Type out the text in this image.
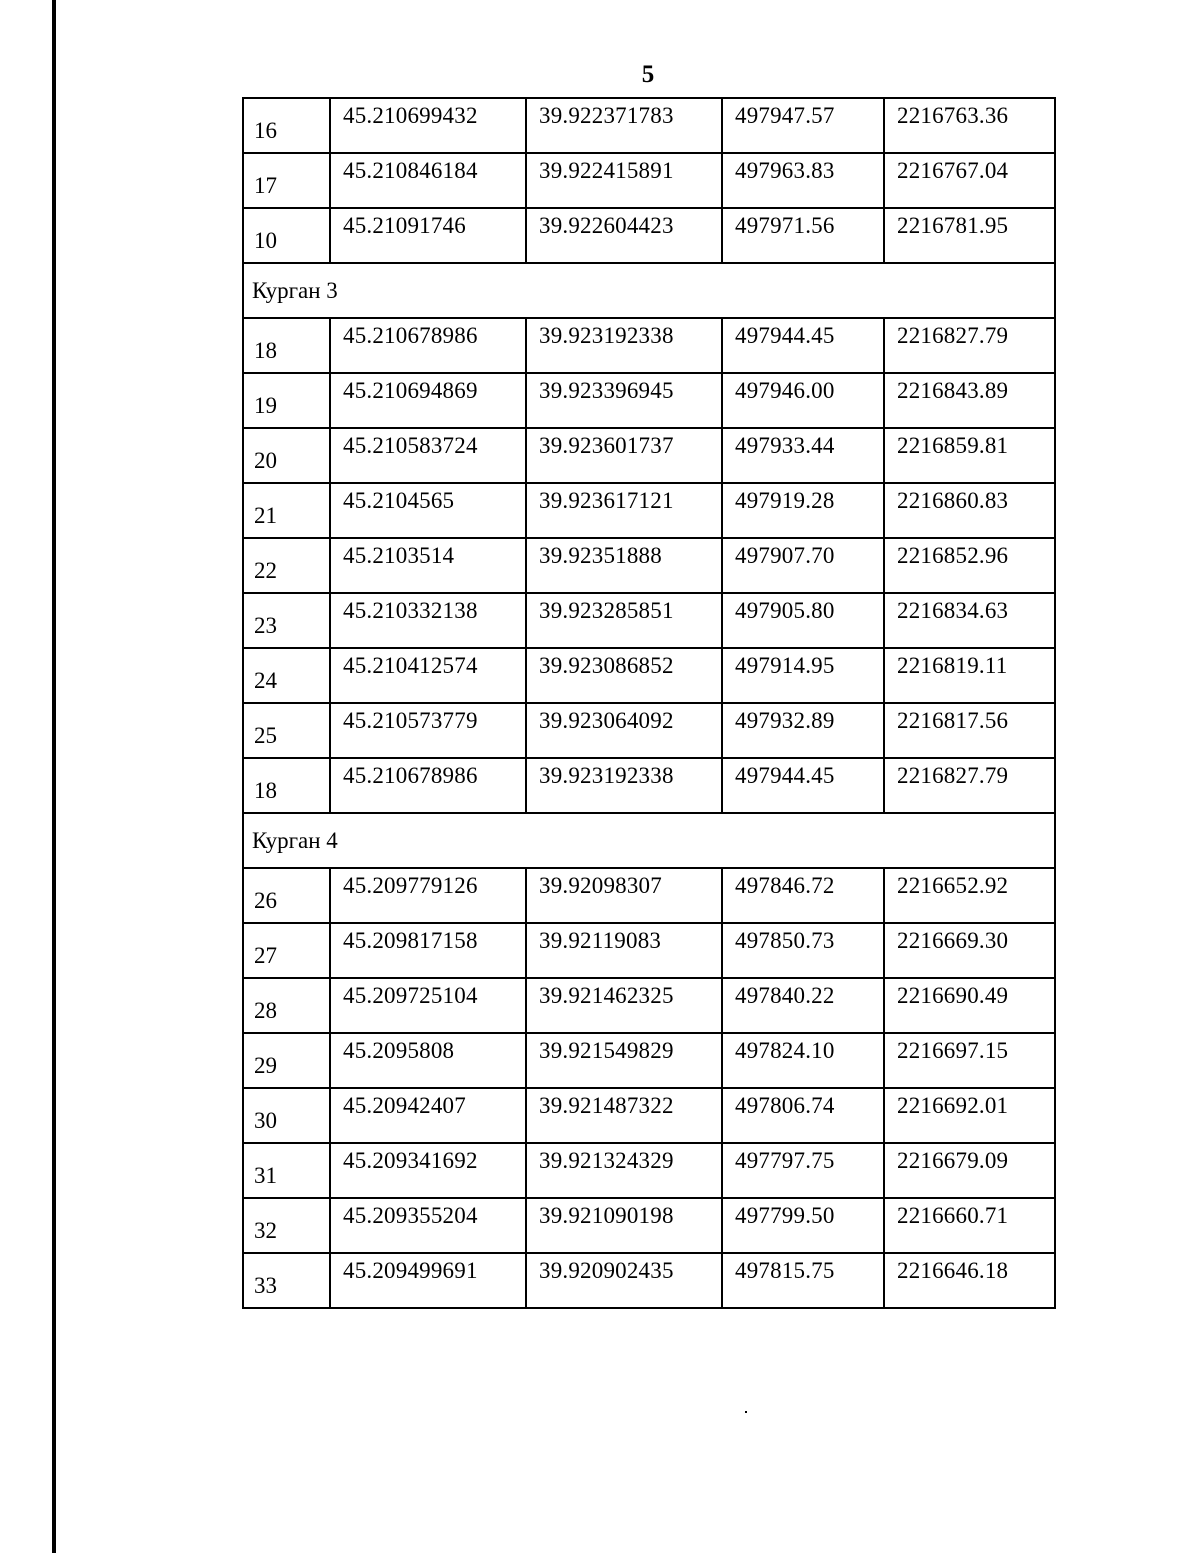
5
16	45.210699432	39.922371783	497947.57	2216763.36
17	45.210846184	39.922415891	497963.83	2216767.04
10	45.21091746	39.922604423	497971.56	2216781.95
Курган 3				
18	45.210678986	39.923192338	497944.45	2216827.79
19	45.210694869	39.923396945	497946.00	2216843.89
20	45.210583724	39.923601737	497933.44	2216859.81
21	45.2104565	39.923617121	497919.28	2216860.83
22	45.2103514	39.92351888	497907.70	2216852.96
23	45.210332138	39.923285851	497905.80	2216834.63
24	45.210412574	39.923086852	497914.95	2216819.11
25	45.210573779	39.923064092	497932.89	2216817.56
18	45.210678986	39.923192338	497944.45	2216827.79
Курган 4				
26	45.209779126	39.92098307	497846.72	2216652.92
27	45.209817158	39.92119083	497850.73	2216669.30
28	45.209725104	39.921462325	497840.22	2216690.49
29	45.2095808	39.921549829	497824.10	2216697.15
30	45.20942407	39.921487322	497806.74	2216692.01
31	45.209341692	39.921324329	497797.75	2216679.09
32	45.209355204	39.921090198	497799.50	2216660.71
33	45.209499691	39.920902435	497815.75	2216646.18
